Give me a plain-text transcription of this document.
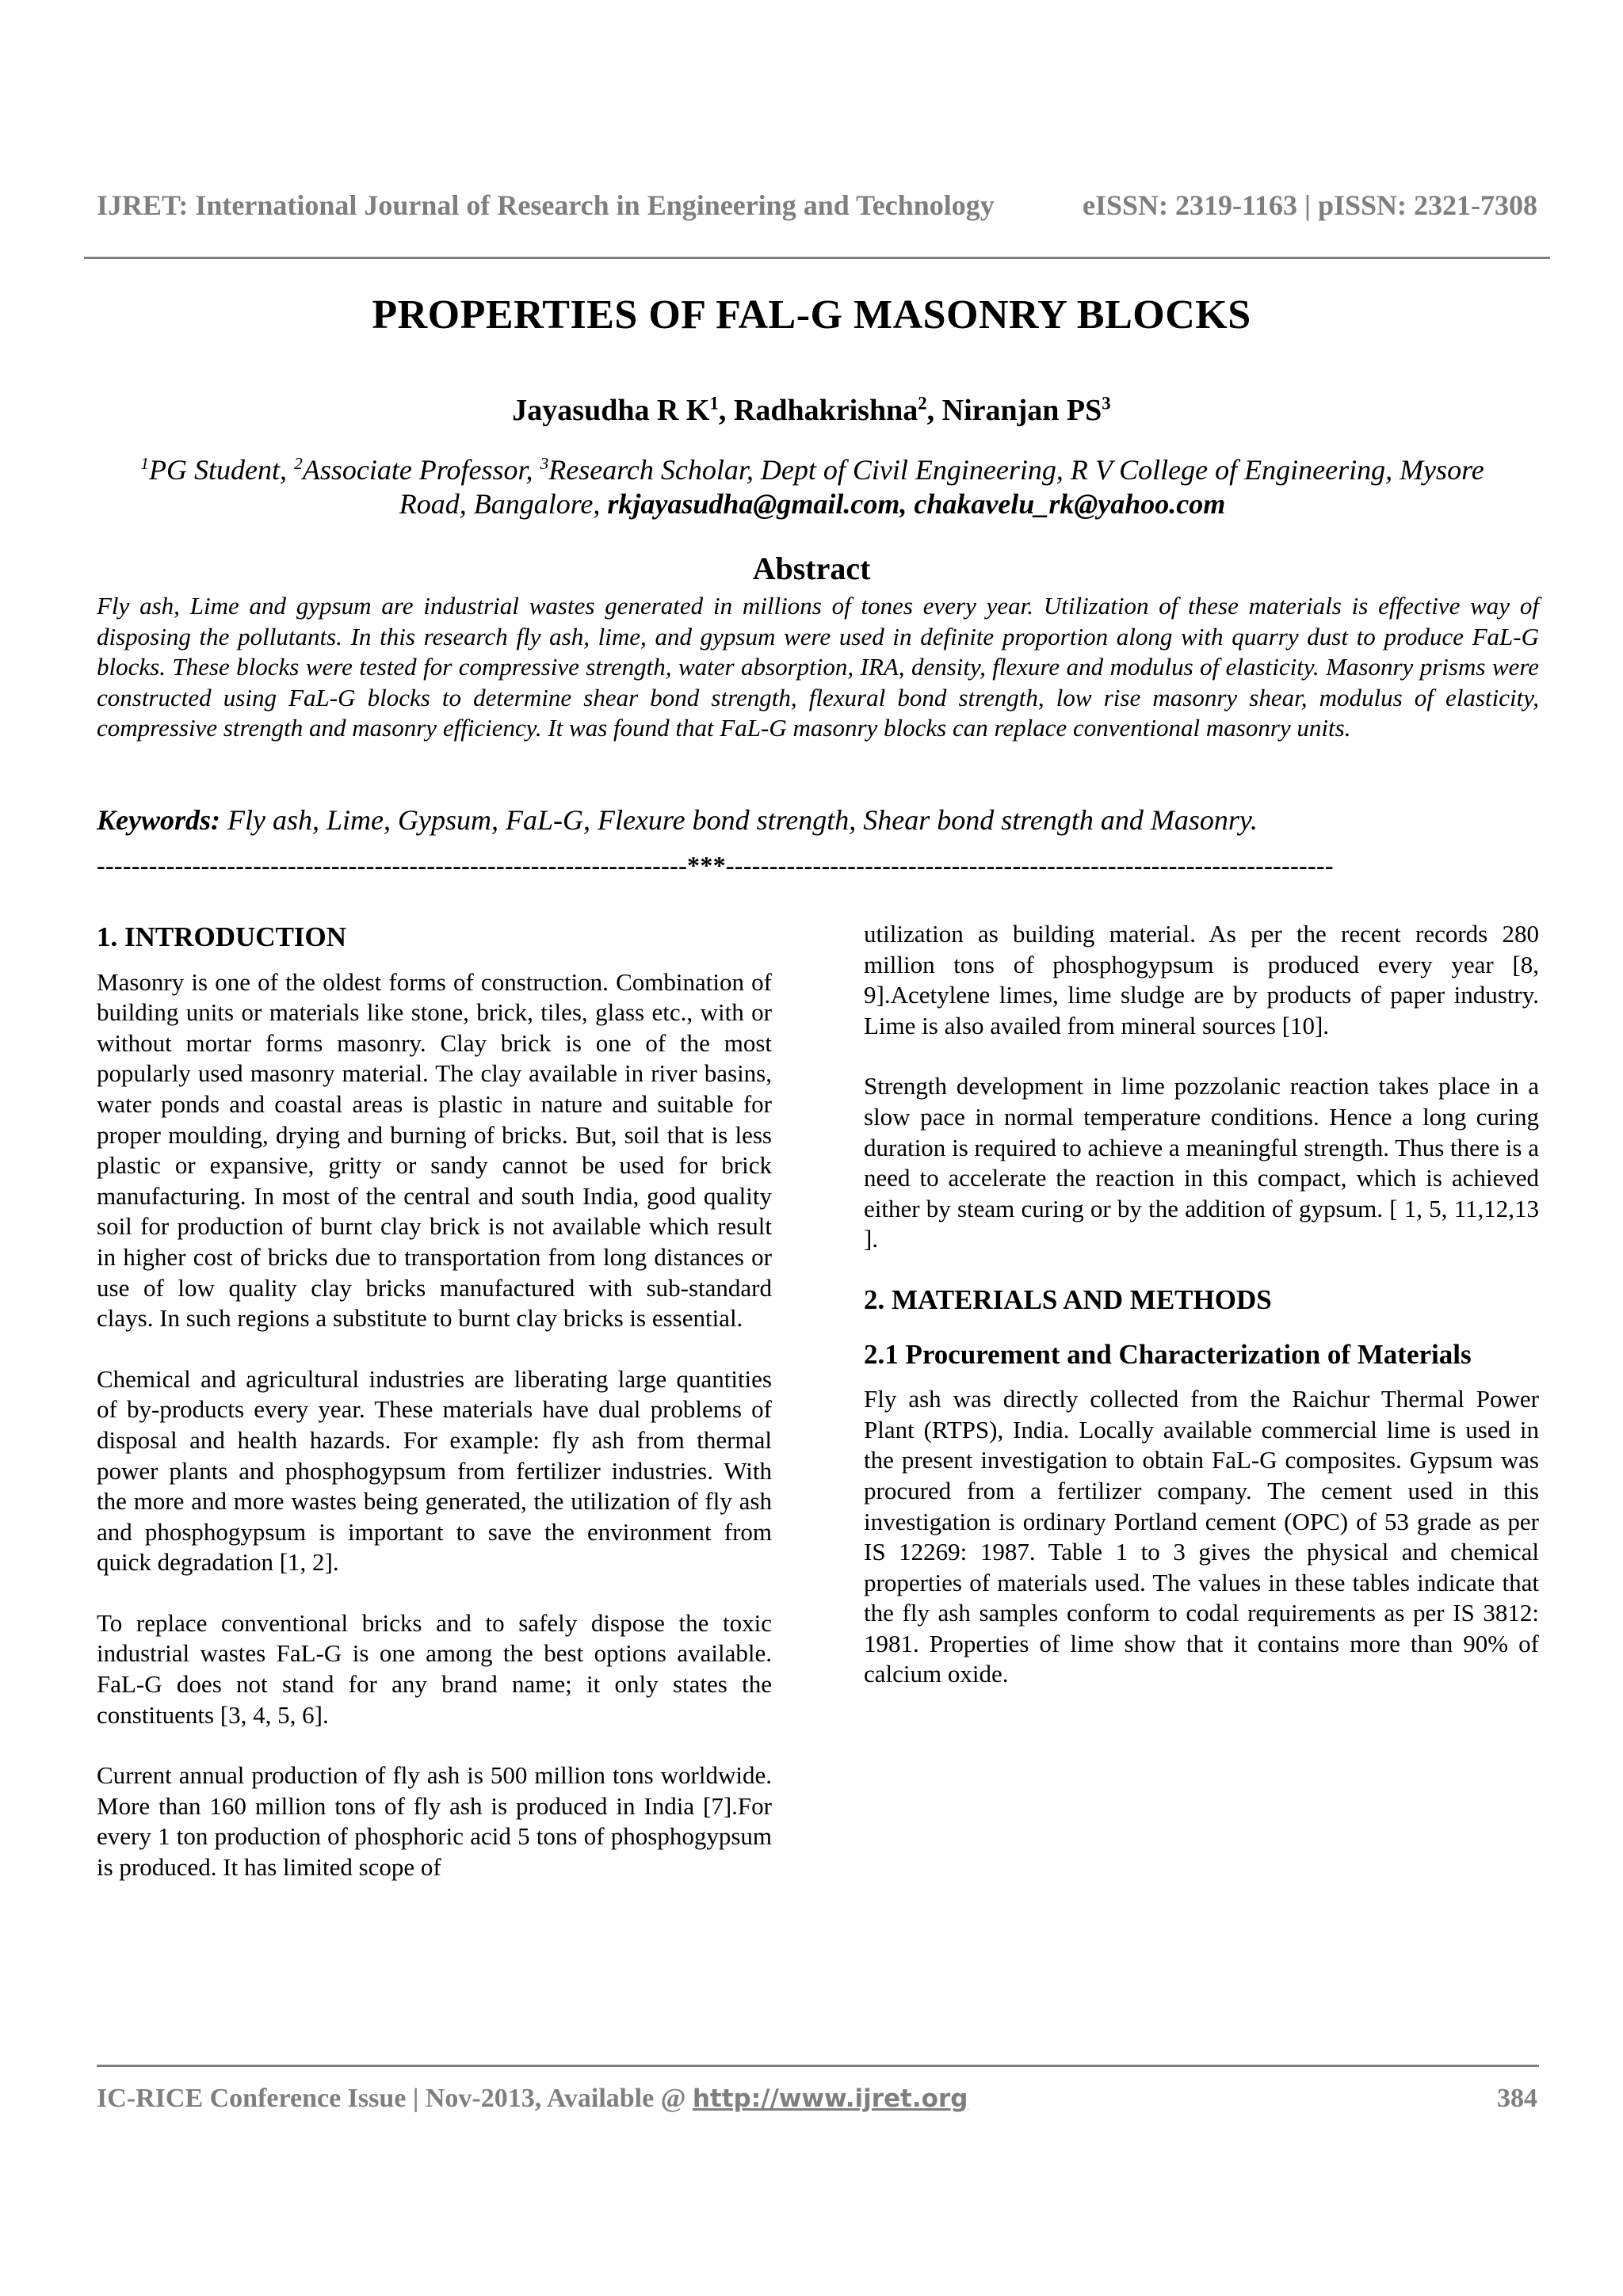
IJRET: International Journal of Research in Engineering and Technology	eISSN: 2319-1163 | pISSN: 2321-7308
PROPERTIES OF FAL-G MASONRY BLOCKS
Jayasudha R $K^1$, Radhakrishna$^2$, Niranjan $PS^3$
$^1$PG Student, $^2$Associate Professor, $^3$Research Scholar, Dept of Civil Engineering, R V College of Engineering, Mysore Road, Bangalore, rkjayasudha@gmail.com, chakavelu_rk@yahoo.com
Abstract
Fly ash, Lime and gypsum are industrial wastes generated in millions of tones every year. Utilization of these materials is effective way of disposing the pollutants. In this research fly ash, lime, and gypsum were used in definite proportion along with quarry dust to produce FaL-G blocks. These blocks were tested for compressive strength, water absorption, IRA, density, flexure and modulus of elasticity. Masonry prisms were constructed using FaL-G blocks to determine shear bond strength, flexural bond strength, low rise masonry shear, modulus of elasticity, compressive strength and masonry efficiency. It was found that FaL-G masonry blocks can replace conventional masonry units.
Keywords: Fly ash, Lime, Gypsum, FaL-G, Flexure bond strength, Shear bond strength and Masonry.
--------------------------------------------------------------------***----------------------------------------------------------------------
1. INTRODUCTION

Masonry is one of the oldest forms of construction. Combination of building units or materials like stone, brick, tiles, glass etc., with or without mortar forms masonry. Clay brick is one of the most popularly used masonry material. The clay available in river basins, water ponds and coastal areas is plastic in nature and suitable for proper moulding, drying and burning of bricks. But, soil that is less plastic or expansive, gritty or sandy cannot be used for brick manufacturing. In most of the central and south India, good quality soil for production of burnt clay brick is not available which result in higher cost of bricks due to transportation from long distances or use of low quality clay bricks manufactured with sub-standard clays. In such regions a substitute to burnt clay bricks is essential.

Chemical and agricultural industries are liberating large quantities of by-products every year. These materials have dual problems of disposal and health hazards. For example: fly ash from thermal power plants and phosphogypsum from fertilizer industries. With the more and more wastes being generated, the utilization of fly ash and phosphogypsum is important to save the environment from quick degradation [1, 2].

To replace conventional bricks and to safely dispose the toxic industrial wastes FaL-G is one among the best options available. FaL-G does not stand for any brand name; it only states the constituents [3, 4, 5, 6].

Current annual production of fly ash is 500 million tons worldwide. More than 160 million tons of fly ash is produced in India [7].For every 1 ton production of phosphoric acid 5 tons of phosphogypsum is produced. It has limited scope of

utilization as building material. As per the recent records 280 million tons of phosphogypsum is produced every year [8, 9].Acetylene limes, lime sludge are by products of paper industry. Lime is also availed from mineral sources [10].

Strength development in lime pozzolanic reaction takes place in a slow pace in normal temperature conditions. Hence a long curing duration is required to achieve a meaningful strength. Thus there is a need to accelerate the reaction in this compact, which is achieved either by steam curing or by the addition of gypsum. [ 1, 5, 11,12,13 ].

2. MATERIALS AND METHODS
2.1 Procurement and Characterization of Materials

Fly ash was directly collected from the Raichur Thermal Power Plant (RTPS), India. Locally available commercial lime is used in the present investigation to obtain FaL-G composites. Gypsum was procured from a fertilizer company. The cement used in this investigation is ordinary Portland cement (OPC) of 53 grade as per IS 12269: 1987. Table 1 to 3 gives the physical and chemical properties of materials used. The values in these tables indicate that the fly ash samples conform to codal requirements as per IS 3812: 1981. Properties of lime show that it contains more than 90% of calcium oxide.

IC-RICE Conference Issue | Nov-2013, Available @ http://www.ijret.org	384
